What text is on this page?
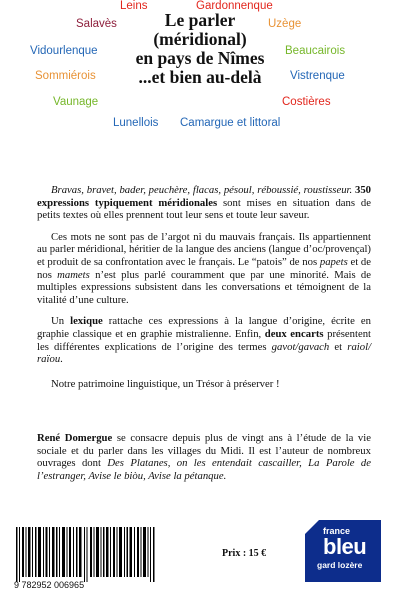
Leins	Gardonnenque
Salavès	Uzège
Vidourlenque	Beaucairois
Sommiérois	Vistrenque
Vaunage	Costières
Lunellois Camargue et littoral
Le parler
(méridional)
en pays de Nîmes
...et bien au-delà

Bravas, bravet, bader, peuchère, flacas, pésoul, réboussié, roustisseur. 350 expressions typiquement méridionales sont mises en situation dans de petits textes où elles prennent tout leur sens et toute leur saveur.

Ces mots ne sont pas de l’argot ni du mauvais français. Ils appartiennent au parler méridional, héritier de la langue des anciens (langue d’oc/provençal) et produit de sa confrontation avec le français. Le “patois” de nos papets et de nos mamets n’est plus parlé couramment que par une minorité. Mais de multiples expressions subsistent dans les conversations et témoignent de la vitalité d’une culture.

Un lexique rattache ces expressions à la langue d’origine, écrite en graphie classique et en graphie mistralienne. Enfin, deux encarts présentent les différentes explications de l’origine des termes gavot/gavach et raiol/ raïou.

Notre patrimoine linguistique, un Trésor à préserver !

René Domergue se consacre depuis plus de vingt ans à l’étude de la vie sociale et du parler dans les villages du Midi. Il est l’auteur de nombreux ouvrages dont Des Platanes, on les entendait cascailler, La Parole de l’estranger, Avise le biòu, Avise la pétanque.
9 782952 006965
Prix : 15 €
france
bleu
gard lozère
